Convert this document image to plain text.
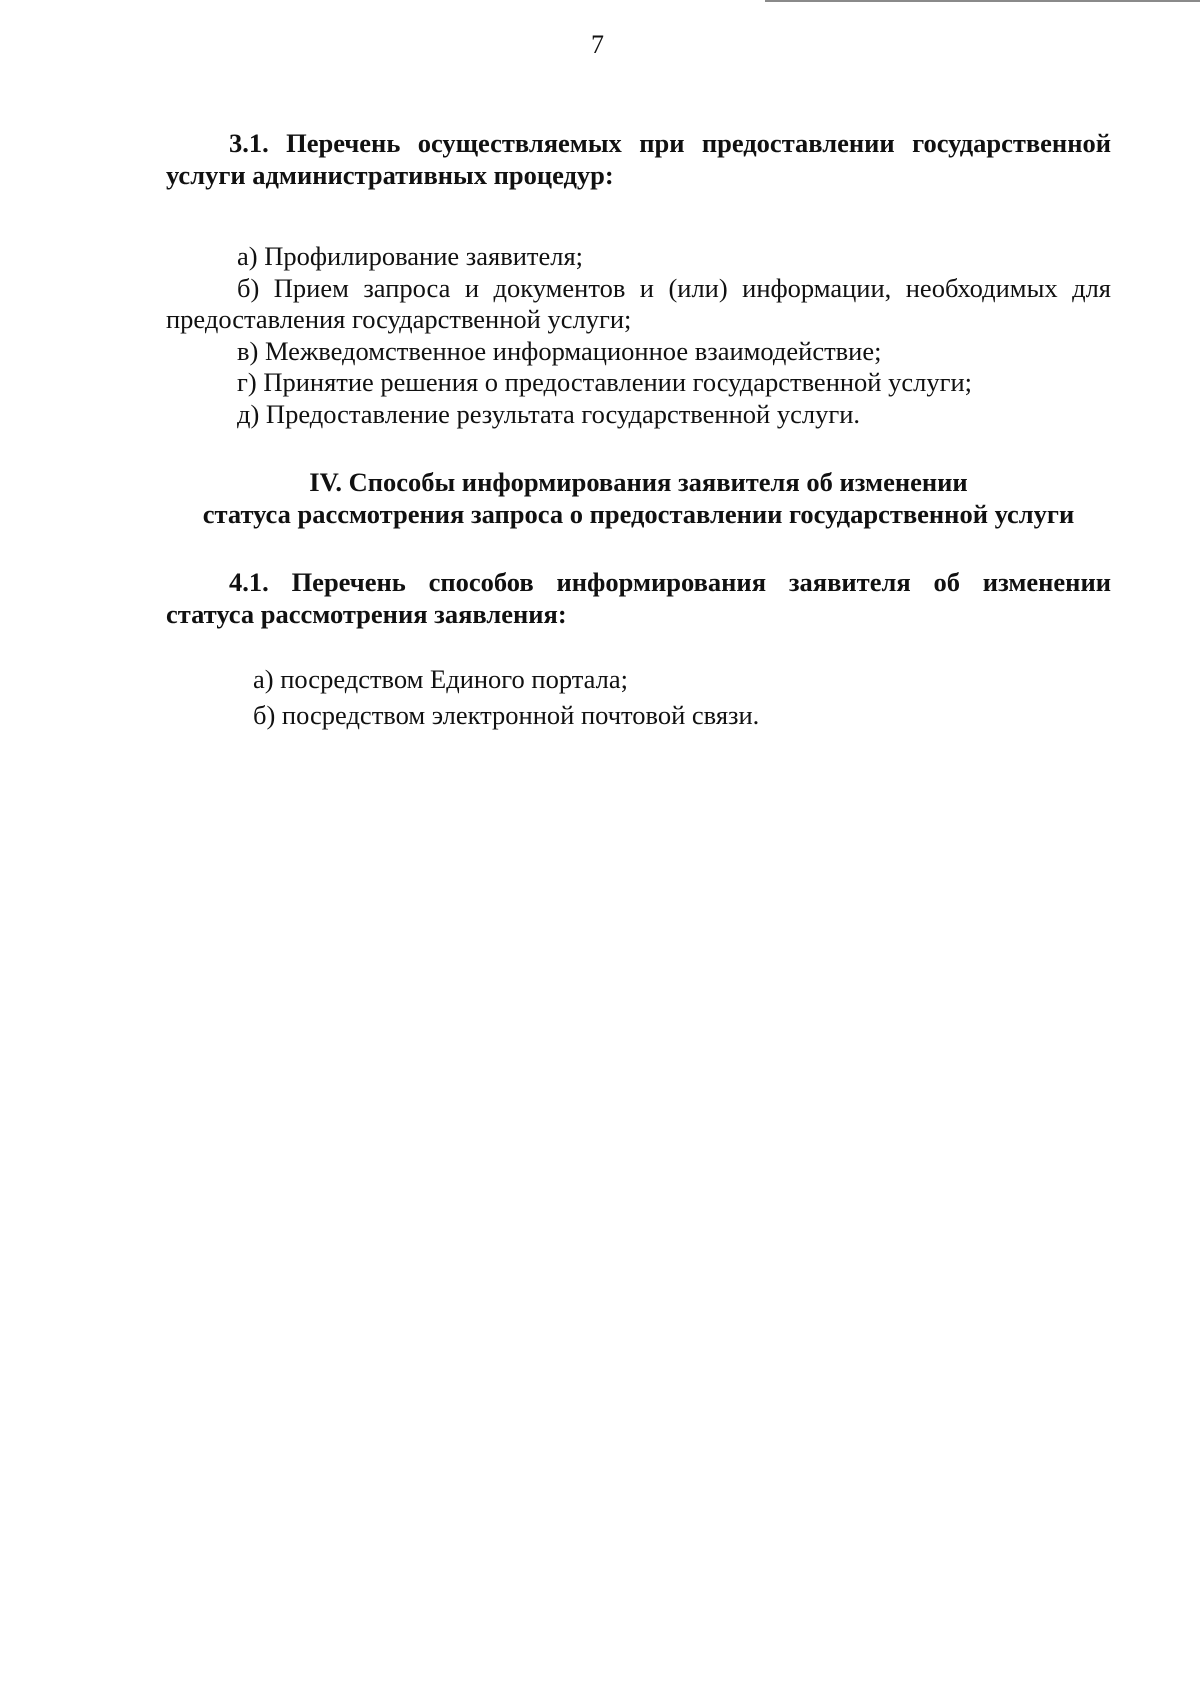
7
3.1. Перечень осуществляемых при предоставлении государственной
услуги административных процедур:
а) Профилирование заявителя;
б) Прием запроса и документов и (или) информации, необходимых для
предоставления государственной услуги;
в) Межведомственное информационное взаимодействие;
г) Принятие решения о предоставлении государственной услуги;
д) Предоставление результата государственной услуги.
IV. Способы информирования заявителя об изменении
статуса рассмотрения запроса о предоставлении государственной услуги
4.1. Перечень способов информирования заявителя об изменении
статуса рассмотрения заявления:
а) посредством Единого портала;
б) посредством электронной почтовой связи.
